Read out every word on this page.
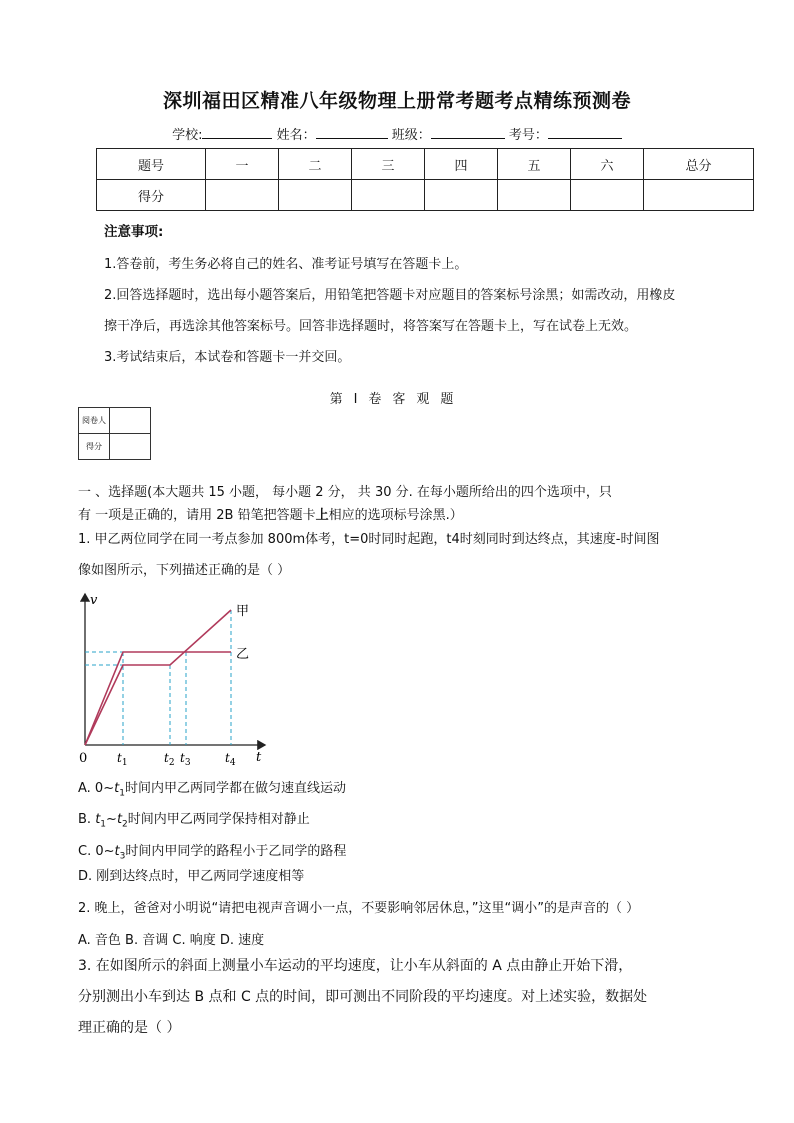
深圳福田区精准八年级物理上册常考题考点精练预测卷
学校:	姓名：	班级：	考号：
题号	一	二	三	四	五	六	总分
得分							
注意事项:
1.答卷前，考生务必将自己的姓名、准考证号填写在答题卡上。
2.回答选择题时，选出每小题答案后，用铅笔把答题卡对应题目的答案标号涂黑；如需改动，用橡皮
擦干净后，再选涂其他答案标号。回答非选择题时，将答案写在答题卡上，写在试卷上无效。
3.考试结束后，本试卷和答题卡一并交回。
第Ⅰ卷客观题
阅卷人	
得分	
一 、选择题(本大题共 15 小题， 每小题 2 分， 共 30 分. 在每小题所给出的四个选项中，只
有 一项是正确的，请用 2B 铅笔把答题卡上相应的选项标号涂黑.）
1. 甲乙两位同学在同一考点参加 800m体考，t=0时同时起跑，t4时刻同时到达终点，其速度-时间图
像如图所示，下列描述正确的是（ ）
v
t
0 $t_1$	$t_2$ $t_3$	$t_4$
甲
乙
A. $0\sim t_1$时间内甲乙两同学都在做匀速直线运动
B. $t_1\sim t_2$时间内甲乙两同学保持相对静止
C. $0\sim t_3$时间内甲同学的路程小于乙同学的路程
D. 刚到达终点时，甲乙两同学速度相等
2. 晚上，爸爸对小明说“请把电视声音调小一点，不要影响邻居休息，”这里“调小”的是声音的（ ）
A. 音色 B. 音调 C. 响度 D. 速度
3. 在如图所示的斜面上测量小车运动的平均速度，让小车从斜面的 A 点由静止开始下滑，
分别测出小车到达 B 点和 C 点的时间，即可测出不同阶段的平均速度。对上述实验，数据处
理正确的是（ ）
